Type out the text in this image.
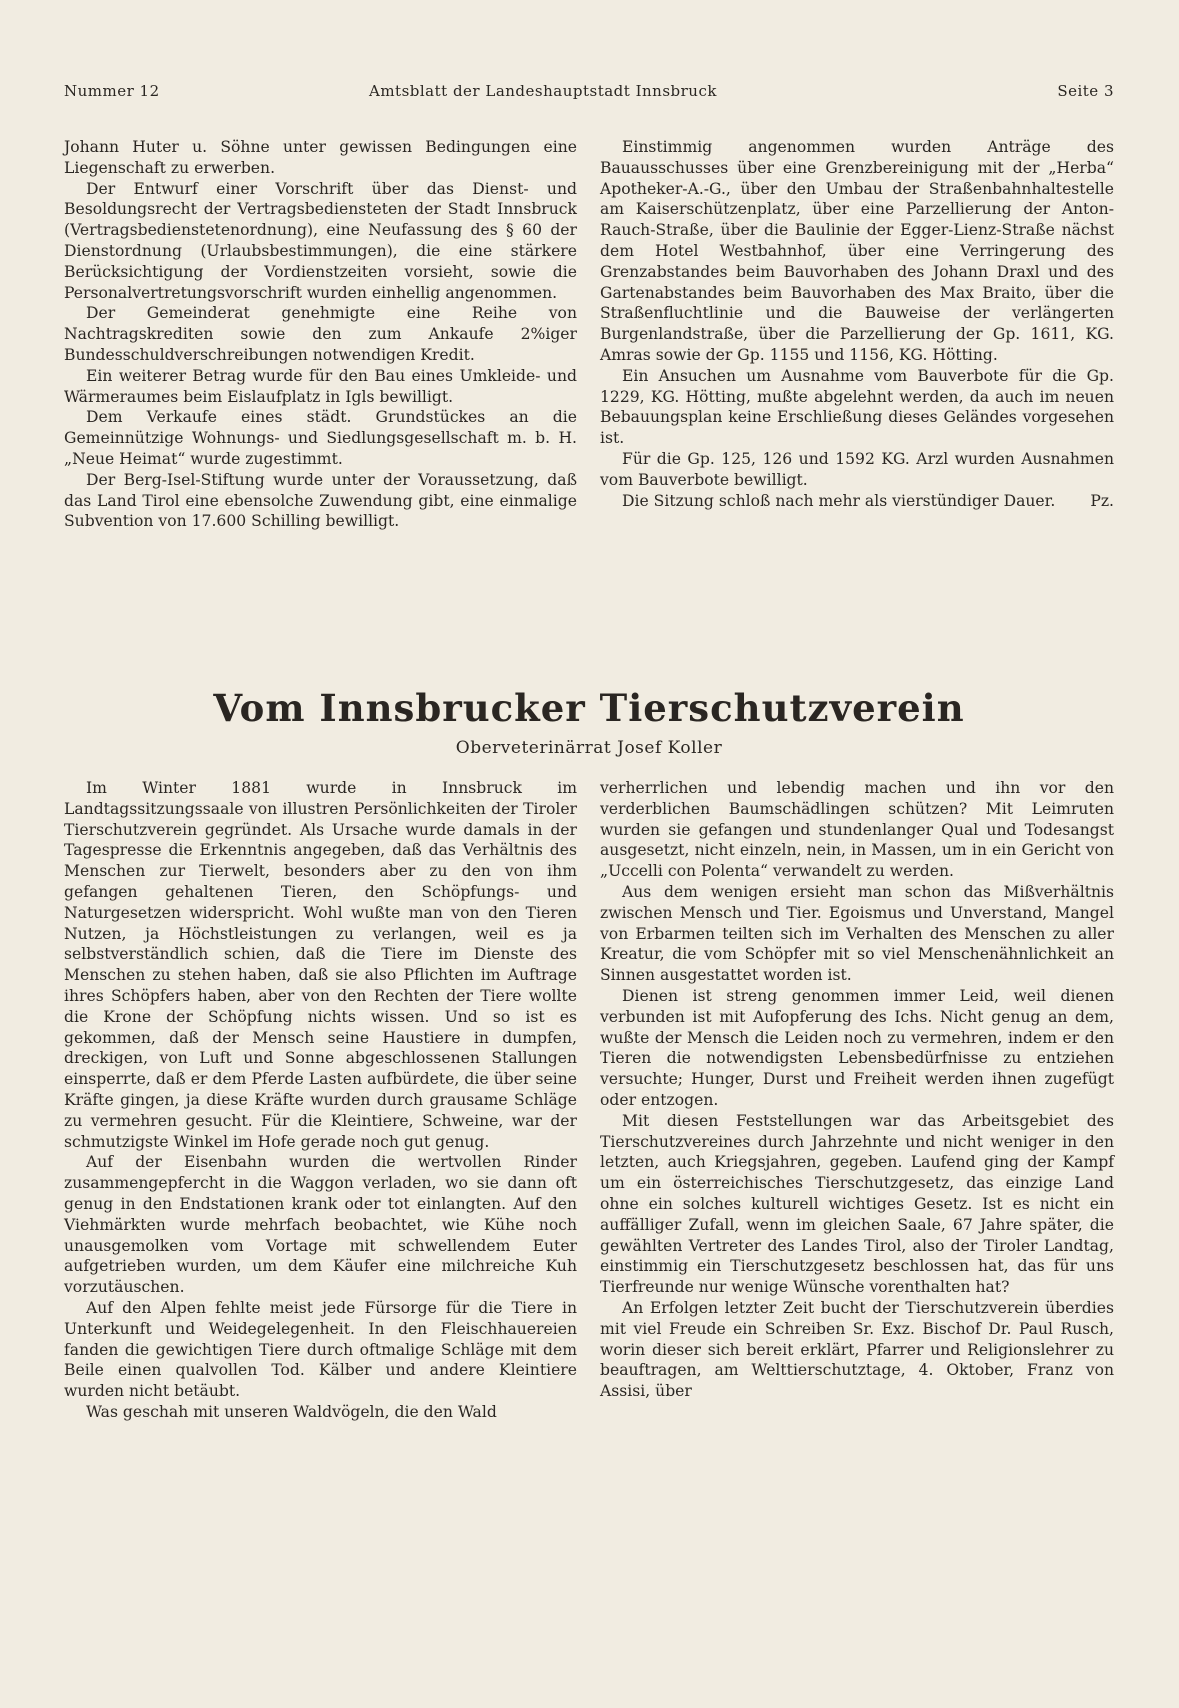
Nummer 12	Amtsblatt der Landeshauptstadt Innsbruck	Seite 3

Johann Huter u. Söhne unter gewissen Bedingungen eine Liegenschaft zu erwerben.

Der Entwurf einer Vorschrift über das Dienst- und Besoldungsrecht der Vertragsbediensteten der Stadt Innsbruck (Vertragsbedienstetenordnung), eine Neufassung des § 60 der Dienstordnung (Urlaubsbestimmungen), die eine stärkere Berücksichtigung der Vordienstzeiten vorsieht, sowie die Personalvertretungsvorschrift wurden einhellig angenommen.

Der Gemeinderat genehmigte eine Reihe von Nachtragskrediten sowie den zum Ankaufe 2%iger Bundesschuldverschreibungen notwendigen Kredit.

Ein weiterer Betrag wurde für den Bau eines Umkleide- und Wärmeraumes beim Eislaufplatz in Igls bewilligt.

Dem Verkaufe eines städt. Grundstückes an die Gemeinnützige Wohnungs- und Siedlungsgesellschaft m. b. H. „Neue Heimat“ wurde zugestimmt.

Der Berg-Isel-Stiftung wurde unter der Voraussetzung, daß das Land Tirol eine ebensolche Zuwendung gibt, eine einmalige Subvention von 17.600 Schilling bewilligt.

Einstimmig angenommen wurden Anträge des Bauausschusses über eine Grenzbereinigung mit der „Herba“ Apotheker-A.-G., über den Umbau der Straßenbahnhaltestelle am Kaiserschützenplatz, über eine Parzellierung der Anton-Rauch-Straße, über die Baulinie der Egger-Lienz-Straße nächst dem Hotel Westbahnhof, über eine Verringerung des Grenzabstandes beim Bauvorhaben des Johann Draxl und des Gartenabstandes beim Bauvorhaben des Max Braito, über die Straßenfluchtlinie und die Bauweise der verlängerten Burgenlandstraße, über die Parzellierung der Gp. 1611, KG. Amras sowie der Gp. 1155 und 1156, KG. Hötting.

Ein Ansuchen um Ausnahme vom Bauverbote für die Gp. 1229, KG. Hötting, mußte abgelehnt werden, da auch im neuen Bebauungsplan keine Erschließung dieses Geländes vorgesehen ist.

Für die Gp. 125, 126 und 1592 KG. Arzl wurden Ausnahmen vom Bauverbote bewilligt.

Die Sitzung schloß nach mehr als vierstündiger Dauer.	Pz.

Vom Innsbrucker Tierschutzverein
Oberveterinärrat Josef Koller

Im Winter 1881 wurde in Innsbruck im Landtagssitzungssaale von illustren Persönlichkeiten der Tiroler Tierschutzverein gegründet. Als Ursache wurde damals in der Tagespresse die Erkenntnis angegeben, daß das Verhältnis des Menschen zur Tierwelt, besonders aber zu den von ihm gefangen gehaltenen Tieren, den Schöpfungs- und Naturgesetzen widerspricht. Wohl wußte man von den Tieren Nutzen, ja Höchstleistungen zu verlangen, weil es ja selbstverständlich schien, daß die Tiere im Dienste des Menschen zu stehen haben, daß sie also Pflichten im Auftrage ihres Schöpfers haben, aber von den Rechten der Tiere wollte die Krone der Schöpfung nichts wissen. Und so ist es gekommen, daß der Mensch seine Haustiere in dumpfen, dreckigen, von Luft und Sonne abgeschlossenen Stallungen einsperrte, daß er dem Pferde Lasten aufbürdete, die über seine Kräfte gingen, ja diese Kräfte wurden durch grausame Schläge zu vermehren gesucht. Für die Kleintiere, Schweine, war der schmutzigste Winkel im Hofe gerade noch gut genug.

Auf der Eisenbahn wurden die wertvollen Rinder zusammengepfercht in die Waggon verladen, wo sie dann oft genug in den Endstationen krank oder tot einlangten. Auf den Viehmärkten wurde mehrfach beobachtet, wie Kühe noch unausgemolken vom Vortage mit schwellendem Euter aufgetrieben wurden, um dem Käufer eine milchreiche Kuh vorzutäuschen.

Auf den Alpen fehlte meist jede Fürsorge für die Tiere in Unterkunft und Weidegelegenheit. In den Fleischhauereien fanden die gewichtigen Tiere durch oftmalige Schläge mit dem Beile einen qualvollen Tod. Kälber und andere Kleintiere wurden nicht betäubt.

Was geschah mit unseren Waldvögeln, die den Wald

verherrlichen und lebendig machen und ihn vor den verderblichen Baumschädlingen schützen? Mit Leimruten wurden sie gefangen und stundenlanger Qual und Todesangst ausgesetzt, nicht einzeln, nein, in Massen, um in ein Gericht von „Uccelli con Polenta“ verwandelt zu werden.

Aus dem wenigen ersieht man schon das Mißverhältnis zwischen Mensch und Tier. Egoismus und Unverstand, Mangel von Erbarmen teilten sich im Verhalten des Menschen zu aller Kreatur, die vom Schöpfer mit so viel Menschenähnlichkeit an Sinnen ausgestattet worden ist.

Dienen ist streng genommen immer Leid, weil dienen verbunden ist mit Aufopferung des Ichs. Nicht genug an dem, wußte der Mensch die Leiden noch zu vermehren, indem er den Tieren die notwendigsten Lebensbedürfnisse zu entziehen versuchte; Hunger, Durst und Freiheit werden ihnen zugefügt oder entzogen.

Mit diesen Feststellungen war das Arbeitsgebiet des Tierschutzvereines durch Jahrzehnte und nicht weniger in den letzten, auch Kriegsjahren, gegeben. Laufend ging der Kampf um ein österreichisches Tierschutzgesetz, das einzige Land ohne ein solches kulturell wichtiges Gesetz. Ist es nicht ein auffälliger Zufall, wenn im gleichen Saale, 67 Jahre später, die gewählten Vertreter des Landes Tirol, also der Tiroler Landtag, einstimmig ein Tierschutzgesetz beschlossen hat, das für uns Tierfreunde nur wenige Wünsche vorenthalten hat?

An Erfolgen letzter Zeit bucht der Tierschutzverein überdies mit viel Freude ein Schreiben Sr. Exz. Bischof Dr. Paul Rusch, worin dieser sich bereit erklärt, Pfarrer und Religionslehrer zu beauftragen, am Welttierschutztage, 4. Oktober, Franz von Assisi, über
